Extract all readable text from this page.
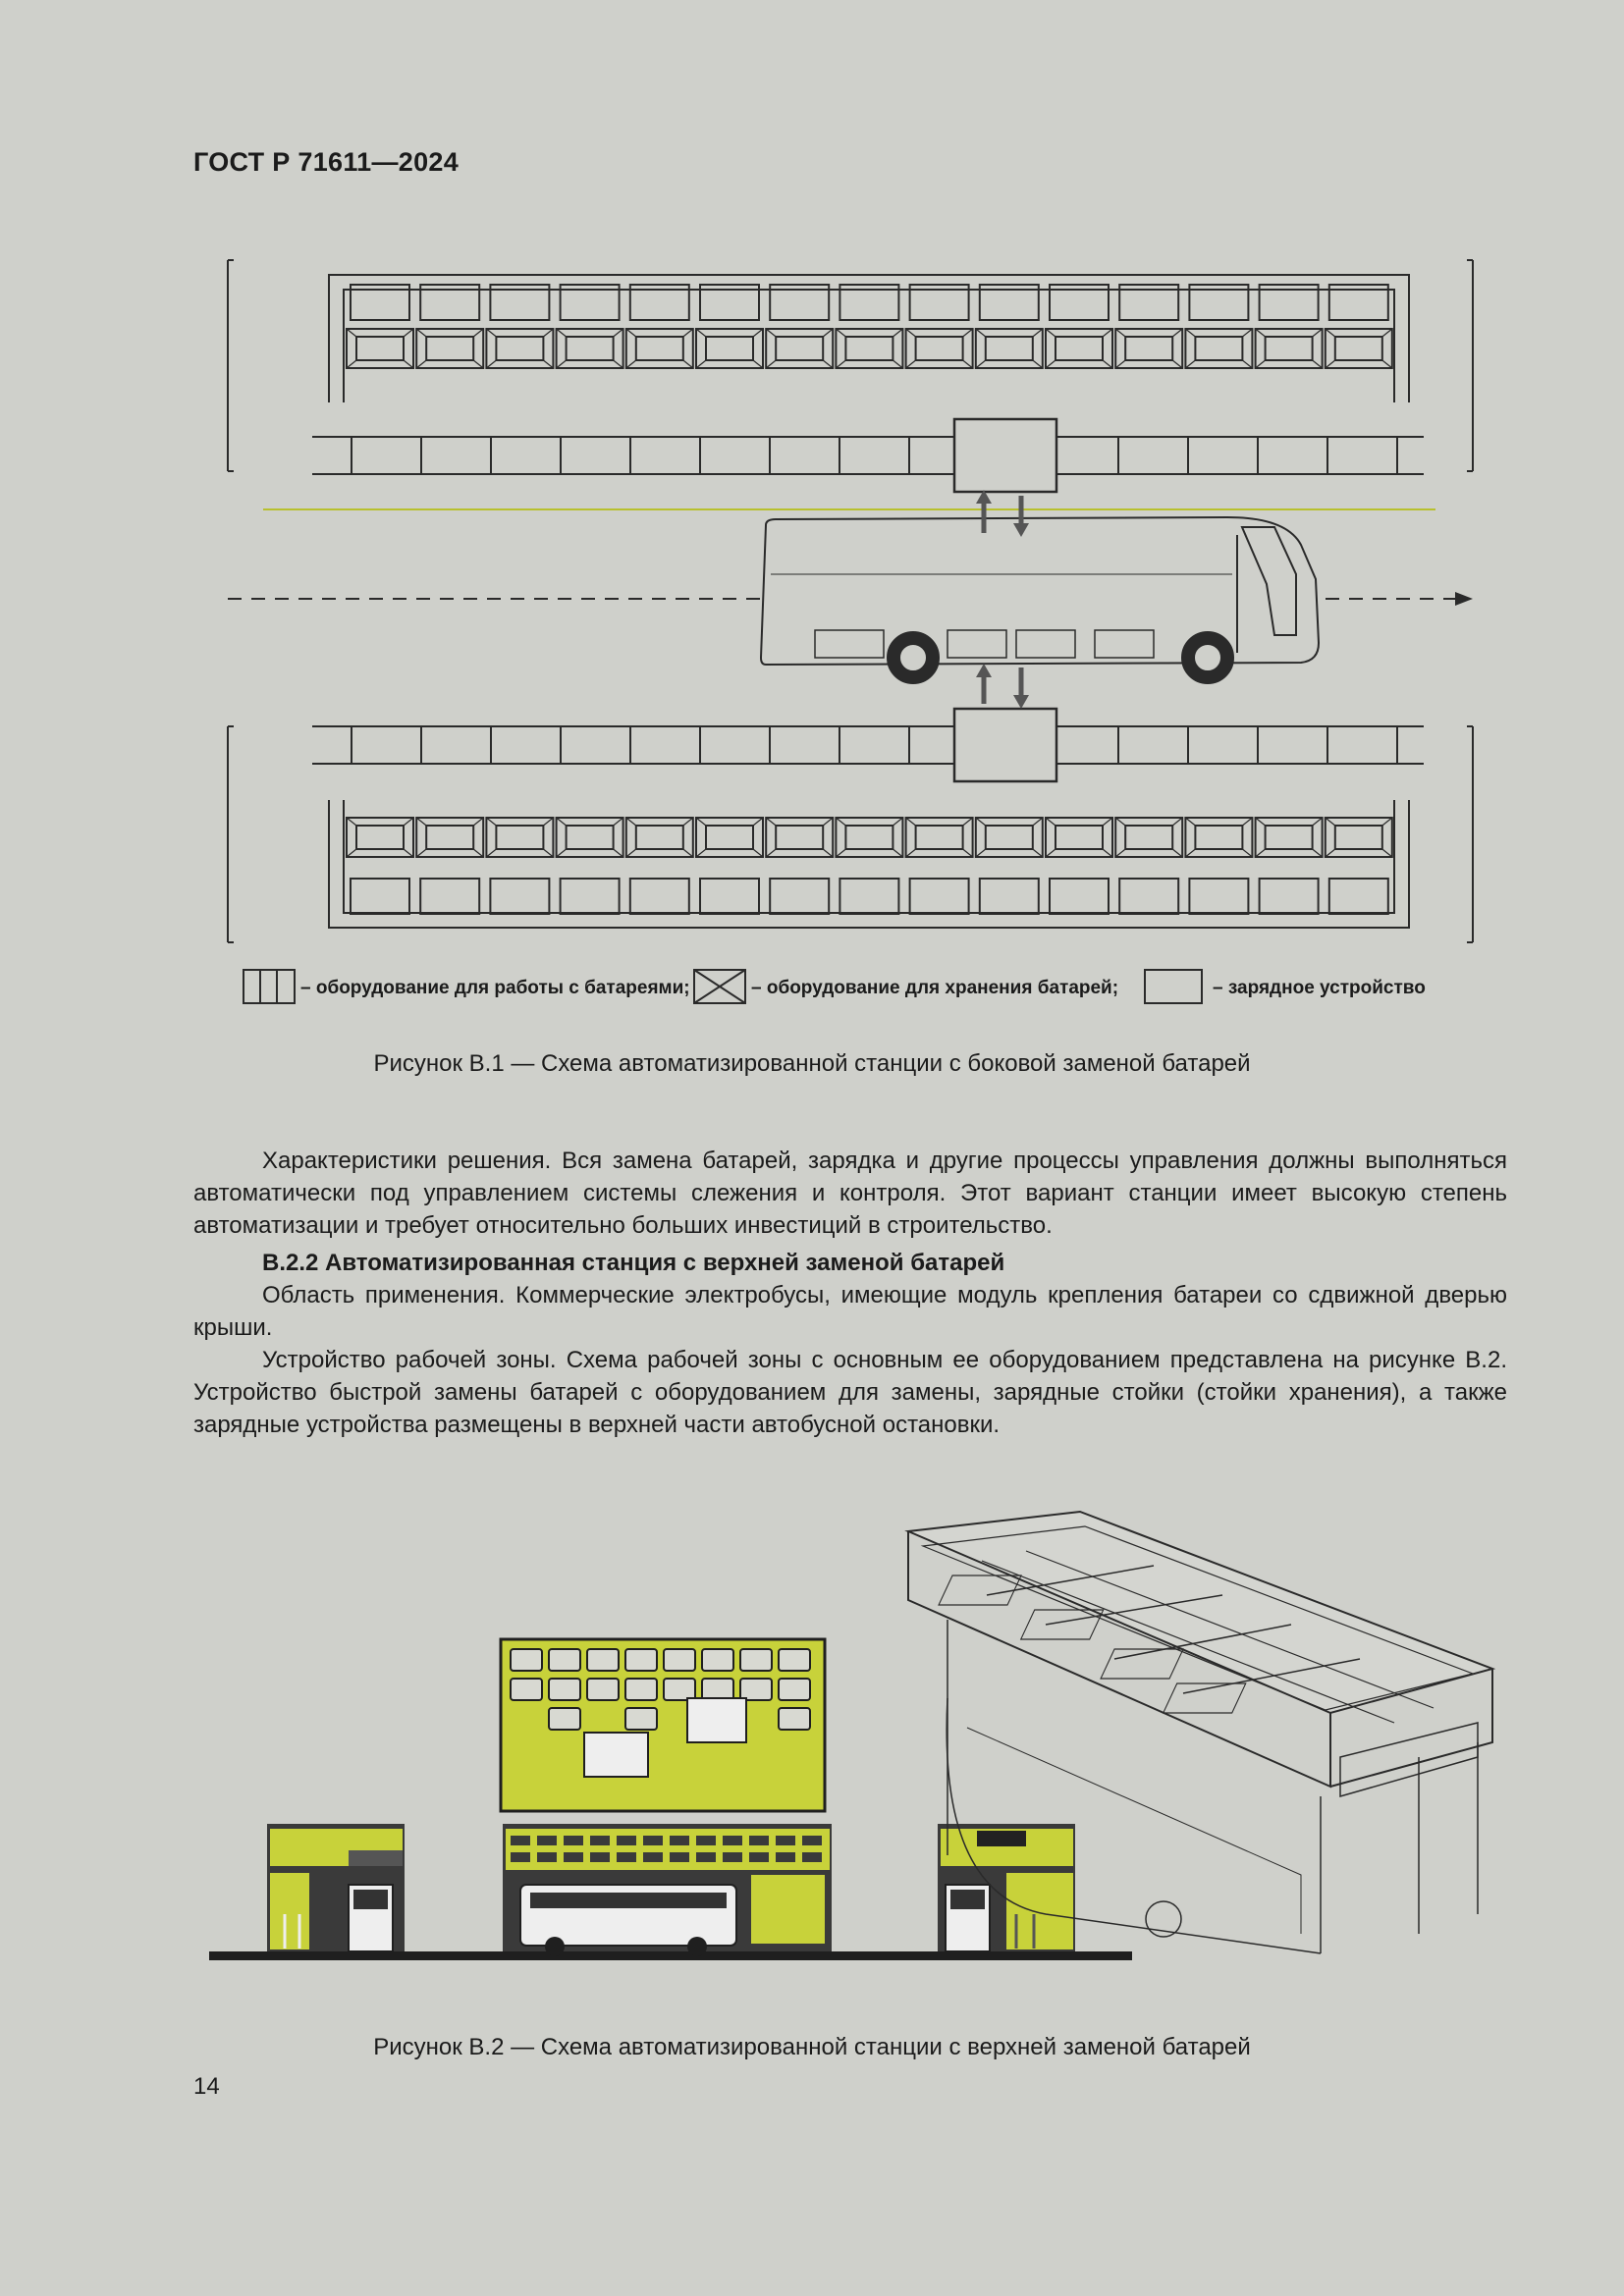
ГОСТ Р 71611—2024
– оборудование для работы с батареями;	– оборудование для хранения батарей;	– зарядное устройство
Рисунок В.1 — Схема автоматизированной станции с боковой заменой батарей

Характеристики решения. Вся замена батарей, зарядка и другие процессы управления должны выполняться автоматически под управлением системы слежения и контроля. Этот вариант станции имеет высокую степень автоматизации и требует относительно больших инвестиций в строительство.

В.2.2 Автоматизированная станция с верхней заменой батарей

Область применения. Коммерческие электробусы, имеющие модуль крепления батареи со сдвижной дверью крыши.

Устройство рабочей зоны. Схема рабочей зоны с основным ее оборудованием представлена на рисунке В.2. Устройство быстрой замены батарей с оборудованием для замены, зарядные стойки (стойки хранения), а также зарядные устройства размещены в верхней части автобусной остановки.

Рисунок В.2 — Схема автоматизированной станции с верхней заменой батарей
14
